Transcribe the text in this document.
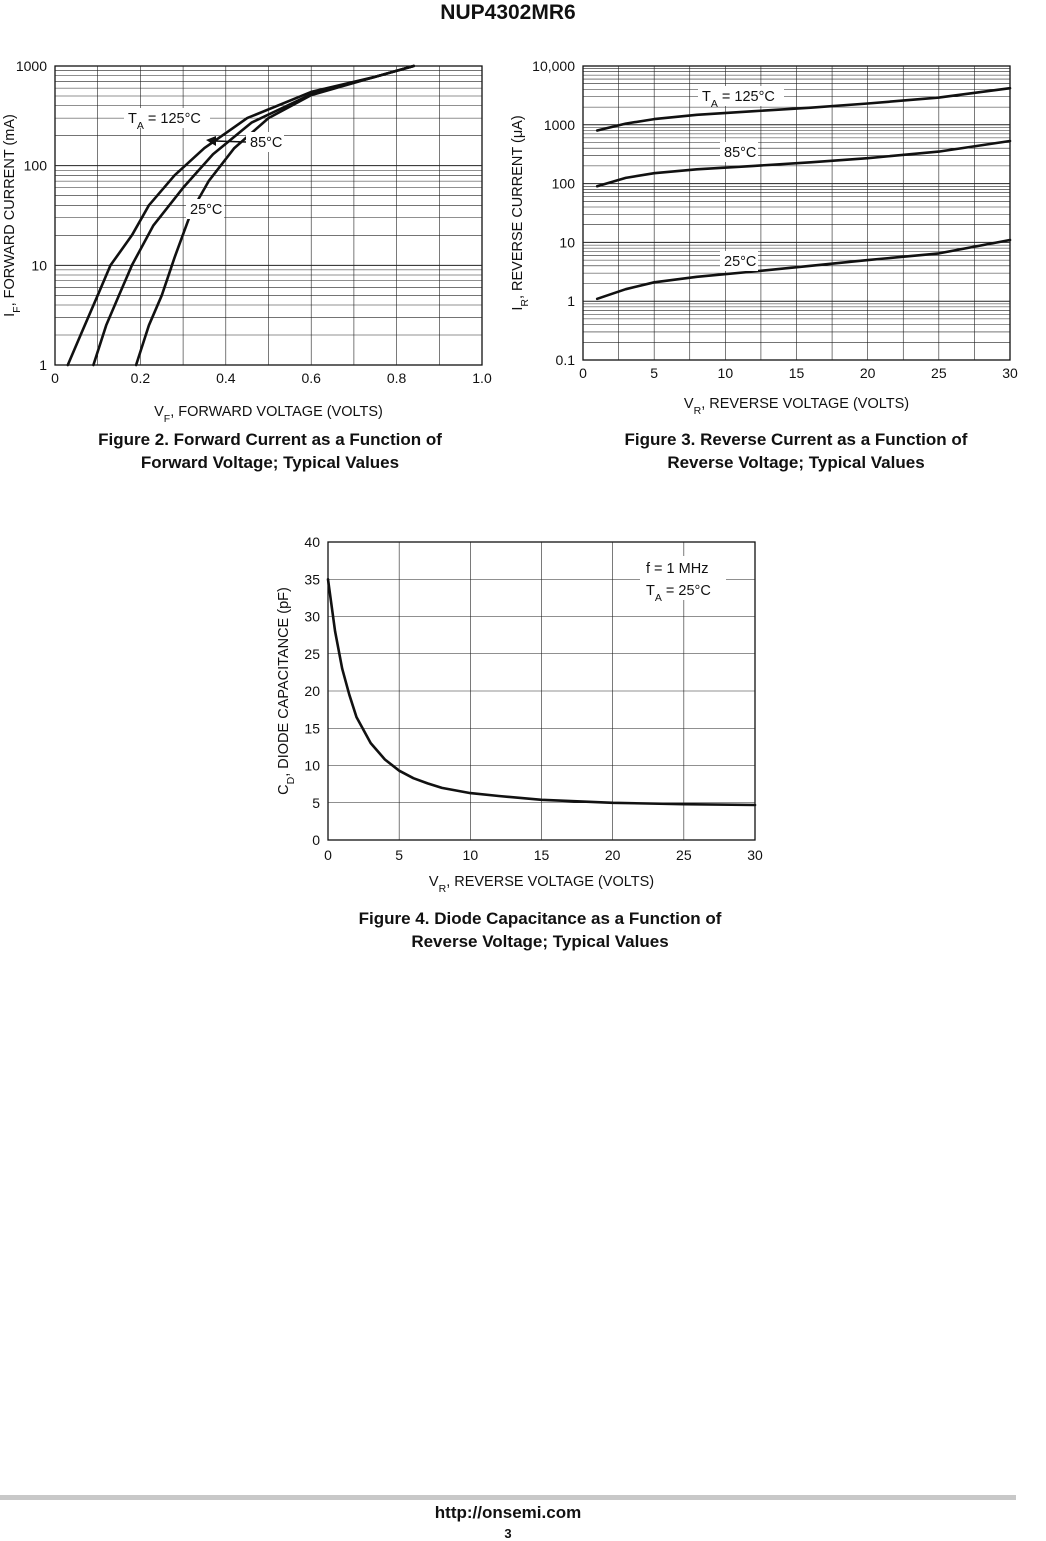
NUP4302MR6
0	0.2	0.4	0.6	0.8	1.0
1
10
100
1000
$V_F$, FORWARD VOLTAGE (VOLTS)
$I_F$, FORWARD CURRENT (mA)	$T_A = 125^\circ C$
85°C
25°C
Figure 2. Forward Current as a Function of
Forward Voltage; Typical Values
0	5	10	15	20	25	30
0.1
1
10
100
1000
10,000
$V_R$, REVERSE VOLTAGE (VOLTS)
$I_R$, REVERSE CURRENT (μA)
$T_A = 125^\circ C$
85°C
25°C
Figure 3. Reverse Current as a Function of
Reverse Voltage; Typical Values
0	5	10	15	20	25	30
0
5
10
15
20
25
30
35
40
$V_R$, REVERSE VOLTAGE (VOLTS)
$C_D$, DIODE CAPACITANCE (pF)
f = 1 MHz
$T_A = 25^\circ C$
Figure 4. Diode Capacitance as a Function of
Reverse Voltage; Typical Values
http://onsemi.com
3
